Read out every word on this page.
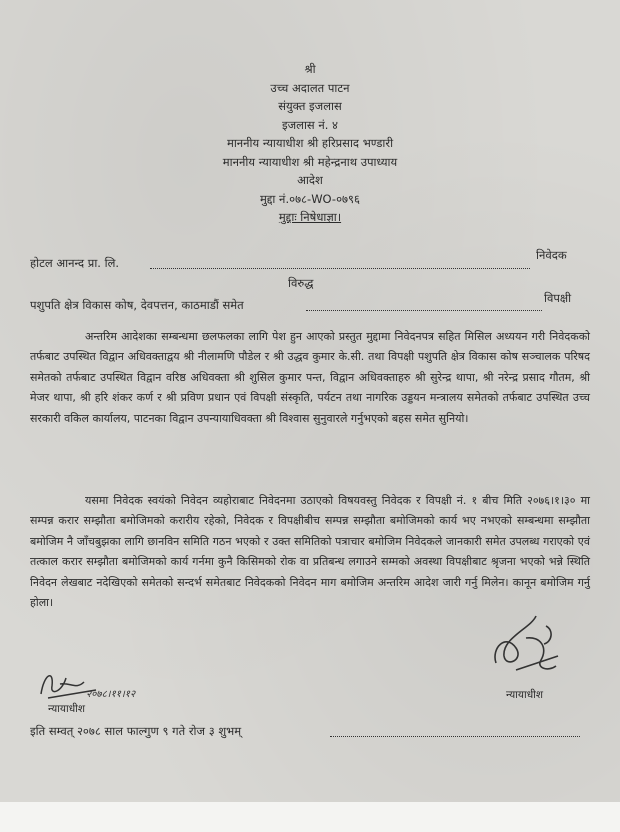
श्री
उच्च अदालत पाटन
संयुक्त इजलास
इजलास नं. ४
माननीय न्यायाधीश श्री हरिप्रसाद भण्डारी
माननीय न्यायाधीश श्री महेन्द्रनाथ उपाध्याय
आदेश
मुद्दा नं.०७८-WO-०७९६
मुद्दाः निषेधाज्ञा।
होटल आनन्द प्रा. लि.
निवेदक
विरुद्ध
पशुपति क्षेत्र विकास कोष, देवपत्तन, काठमाडौं समेत	विपक्षी
अन्तरिम आदेशका सम्बन्धमा छलफलका लागि पेश हुन आएको प्रस्तुत मुद्दामा निवेदनपत्र सहित मिसिल अध्ययन गरी निवेदकको तर्फबाट उपस्थित विद्वान अधिवक्ताद्वय श्री नीलामणि पौडेल र श्री उद्धव कुमार के.सी. तथा विपक्षी पशुपति क्षेत्र विकास कोष सञ्चालक परिषद समेतको तर्फबाट उपस्थित विद्वान वरिष्ठ अधिवक्ता श्री शुसिल कुमार पन्त, विद्वान अधिवक्ताहरु श्री सुरेन्द्र थापा, श्री नरेन्द्र प्रसाद गौतम, श्री मेजर थापा, श्री हरि शंकर कर्ण र श्री प्रविण प्रधान एवं विपक्षी संस्कृति, पर्यटन तथा नागरिक उड्डयन मन्त्रालय समेतको तर्फबाट उपस्थित उच्च सरकारी वकिल कार्यालय, पाटनका विद्वान उपन्यायाधिवक्ता श्री विश्वास सुनुवारले गर्नुभएको बहस समेत सुनियो।
यसमा निवेदक स्वयंको निवेदन व्यहोराबाट निवेदनमा उठाएको विषयवस्तु निवेदक र विपक्षी नं. १ बीच मिति २०७६।१।३० मा सम्पन्न करार सम्झौता बमोजिमको करारीय रहेको, निवेदक र विपक्षीबीच सम्पन्न सम्झौता बमोजिमको कार्य भए नभएको सम्बन्धमा सम्झौता बमोजिम नै जाँचबुझका लागि छानविन समिति गठन भएको र उक्त समितिको पत्राचार बमोजिम निवेदकले जानकारी समेत उपलब्ध गराएको एवं तत्काल करार सम्झौता बमोजिमको कार्य गर्नमा कुनै किसिमको रोक वा प्रतिबन्ध लगाउने सम्मको अवस्था विपक्षीबाट श्रृजना भएको भन्ने स्थिति निवेदन लेखबाट नदेखिएको समेतको सन्दर्भ समेतबाट निवेदकको निवेदन माग बमोजिम अन्तरिम आदेश जारी गर्नु मिलेन। कानून बमोजिम गर्नु होला।
न्यायाधीश
२०७८।११।१२
न्यायाधीश
इति सम्वत् २०७८ साल फाल्गुण ९ गते रोज ३ शुभम्
